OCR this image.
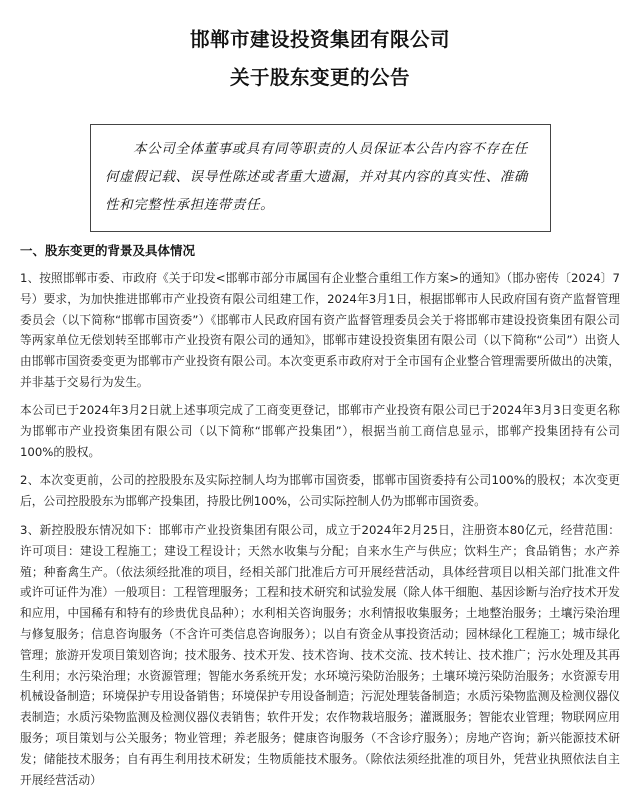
邯郸市建设投资集团有限公司
关于股东变更的公告
本公司全体董事或具有同等职责的人员保证本公告内容不存在任何虚假记载、误导性陈述或者重大遗漏，并对其内容的真实性、准确性和完整性承担连带责任。
一、股东变更的背景及具体情况
1、按照邯郸市委、市政府《关于印发<邯郸市部分市属国有企业整合重组工作方案>的通知》（邯办密传〔2024〕7号）要求，为加快推进邯郸市产业投资有限公司组建工作，2024年3月1日，根据邯郸市人民政府国有资产监督管理委员会（以下简称“邯郸市国资委”）《邯郸市人民政府国有资产监督管理委员会关于将邯郸市建设投资集团有限公司等两家单位无偿划转至邯郸市产业投资有限公司的通知》，邯郸市建设投资集团有限公司（以下简称“公司”）出资人由邯郸市国资委变更为邯郸市产业投资有限公司。本次变更系市政府对于全市国有企业整合管理需要所做出的决策，并非基于交易行为发生。
本公司已于2024年3月2日就上述事项完成了工商变更登记，邯郸市产业投资有限公司已于2024年3月3日变更名称为邯郸市产业投资集团有限公司（以下简称“邯郸产投集团”），根据当前工商信息显示，邯郸产投集团持有公司100%的股权。
2、本次变更前，公司的控股股东及实际控制人均为邯郸市国资委，邯郸市国资委持有公司100%的股权；本次变更后，公司控股股东为邯郸产投集团，持股比例100%，公司实际控制人仍为邯郸市国资委。
3、新控股股东情况如下：邯郸市产业投资集团有限公司，成立于2024年2月25日，注册资本80亿元，经营范围：许可项目：建设工程施工；建设工程设计；天然水收集与分配；自来水生产与供应；饮料生产；食品销售；水产养殖；种畜禽生产。（依法须经批准的项目，经相关部门批准后方可开展经营活动，具体经营项目以相关部门批准文件或许可证件为准）一般项目：工程管理服务；工程和技术研究和试验发展（除人体干细胞、基因诊断与治疗技术开发和应用，中国稀有和特有的珍贵优良品种）；水利相关咨询服务；水利情报收集服务；土地整治服务；土壤污染治理与修复服务；信息咨询服务（不含许可类信息咨询服务）；以自有资金从事投资活动；园林绿化工程施工；城市绿化管理；旅游开发项目策划咨询；技术服务、技术开发、技术咨询、技术交流、技术转让、技术推广；污水处理及其再生利用；水污染治理；水资源管理；智能水务系统开发；水环境污染防治服务；土壤环境污染防治服务；水资源专用机械设备制造；环境保护专用设备销售；环境保护专用设备制造；污泥处理装备制造；水质污染物监测及检测仪器仪表制造；水质污染物监测及检测仪器仪表销售；软件开发；农作物栽培服务；灌溉服务；智能农业管理；物联网应用服务；项目策划与公关服务；物业管理；养老服务；健康咨询服务（不含诊疗服务）；房地产咨询；新兴能源技术研发；储能技术服务；自有再生利用技术研发；生物质能技术服务。（除依法须经批准的项目外，凭营业执照依法自主开展经营活动）
